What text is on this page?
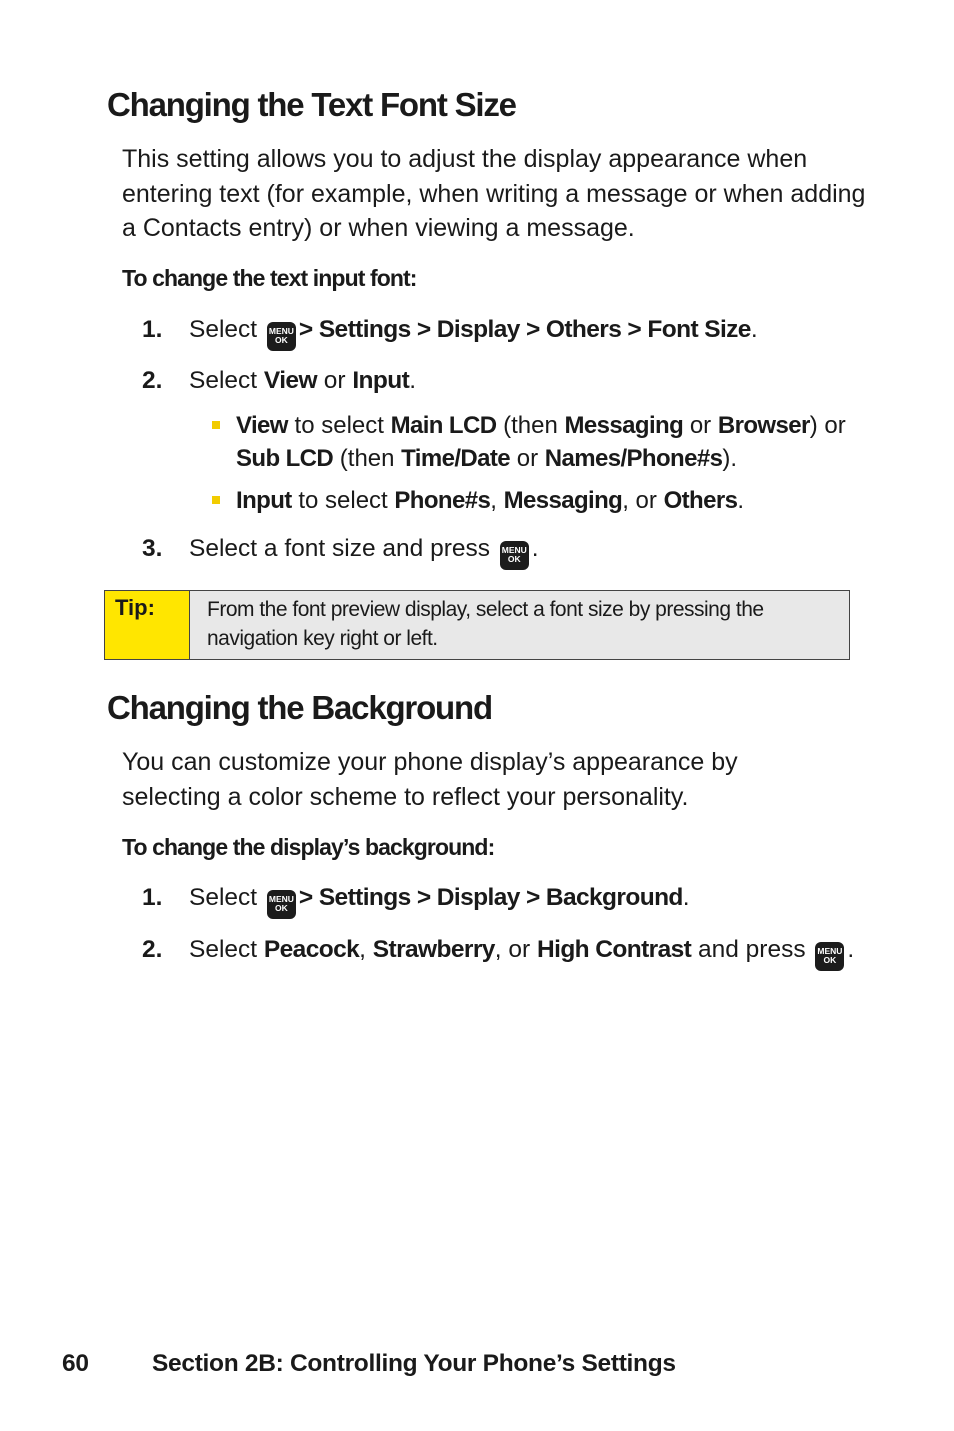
Changing the Text Font Size
This setting allows you to adjust the display appearance when entering text (for example, when writing a message or when adding a Contacts entry) or when viewing a message.
To change the text input font:
1. Select MENU
OK > Settings > Display > Others > Font Size.
2. Select View or Input.
View to select Main LCD (then Messaging or Browser) or Sub LCD (then Time/Date or Names/Phone#s).
Input to select Phone#s, Messaging, or Others.
3. Select a font size and press MENU
OK .
Tip:	From the font preview display, select a font size by pressing the navigation key right or left.
Changing the Background
You can customize your phone display’s appearance by selecting a color scheme to reflect your personality.
To change the display’s background:
1. Select MENU
OK > Settings > Display > Background.
2. Select Peacock, Strawberry, or High Contrast and press MENU
OK .
60	Section 2B: Controlling Your Phone’s Settings
